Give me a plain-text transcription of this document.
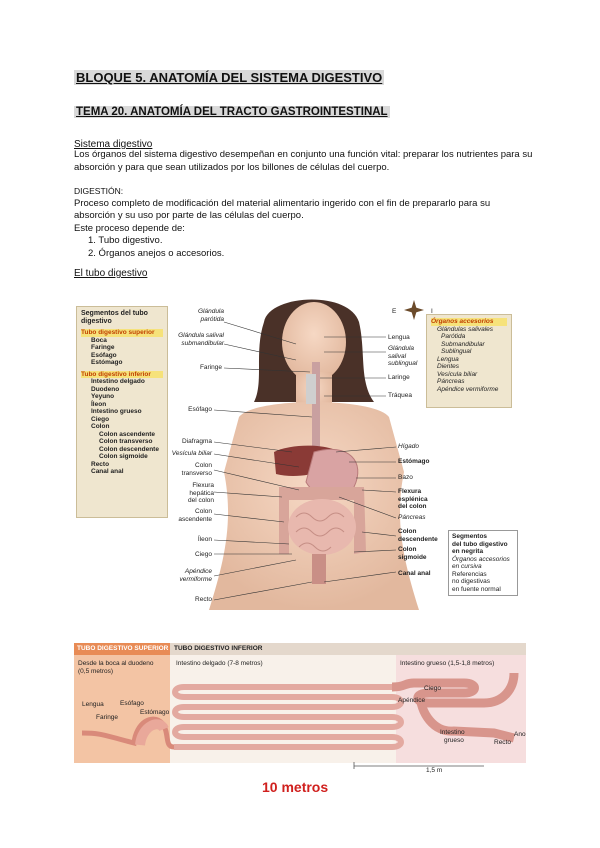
BLOQUE 5. ANATOMÍA DEL SISTEMA DIGESTIVO
TEMA 20. ANATOMÍA DEL TRACTO GASTROINTESTINAL
Sistema digestivo
Los órganos del sistema digestivo desempeñan en conjunto una función vital: preparar los nutrientes para su
absorción y para que sean utilizados por los billones de células del cuerpo.
DIGESTIÓN:
Proceso completo de modificación del material alimentario ingerido con el fin de prepararlo para su
absorción y su uso por parte de las células del cuerpo.
Este proceso depende de:
1. Tubo digestivo.
2. Órganos anejos o accesorios.
El tubo digestivo
Segmentos del tubo
digestivo
Tubo digestivo superior
Boca
Faringe
Esófago
Estómago
Tubo digestivo inferior
Intestino delgado
Duodeno
Yeyuno
Íleon
Intestino grueso
Ciego
Colon
Colon ascendente
Colon transverso
Colon descendente
Colon sigmoide
Recto
Canal anal
Órganos accesorios
Glándulas salivales
Parótida
Submandibular
Sublingual
Lengua
Dientes
Vesícula biliar
Páncreas
Apéndice vermiforme
E	I
Glándula parótida
Glándula salival submandibular
Faringe
Esófago
Diafragma
Vesícula biliar
Colon transverso
Flexura hepática del colon
Colon ascendente
Íleon
Ciego
Apéndice vermiforme
Recto
Lengua
Glándula salival sublingual
Laringe
Tráquea
Hígado
Estómago
Bazo
Flexura esplénica del colon
Páncreas
Colon descendente
Colon sigmoide
Canal anal
Segmentos
del tubo digestivo
en negrita
Órganos accesorios
en cursiva
Referencias
no digestivas
en fuente normal
TUBO DIGESTIVO SUPERIOR TUBO DIGESTIVO INFERIOR
Desde la boca al duodeno
(0,5 metros)
Intestino delgado (7-8 metros)	Intestino grueso (1,5-1,8 metros)
Lengua	Esófago
Faringe
Estómago
Ciego
Apéndice
Intestino
grueso
Ano
Recto
1,5 m
10 metros
